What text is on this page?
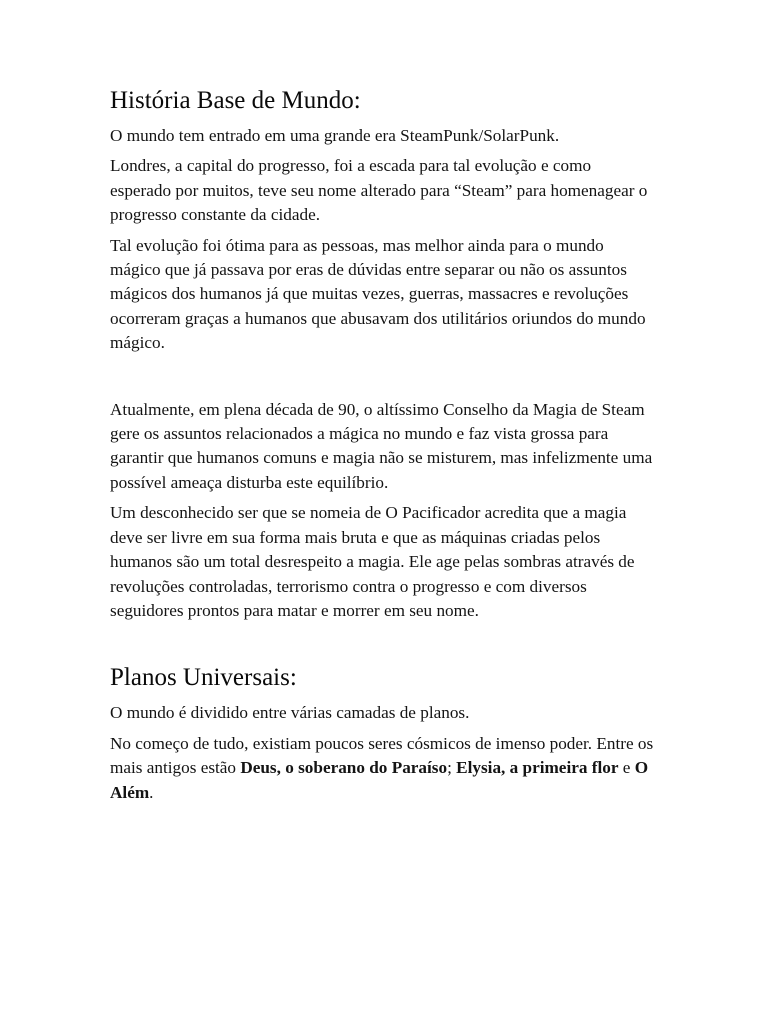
História Base de Mundo:

O mundo tem entrado em uma grande era SteamPunk/SolarPunk.

Londres, a capital do progresso, foi a escada para tal evolução e como esperado por muitos, teve seu nome alterado para “Steam” para homenagear o progresso constante da cidade.

Tal evolução foi ótima para as pessoas, mas melhor ainda para o mundo mágico que já passava por eras de dúvidas entre separar ou não os assuntos mágicos dos humanos já que muitas vezes, guerras, massacres e revoluções ocorreram graças a humanos que abusavam dos utilitários oriundos do mundo mágico.

Atualmente, em plena década de 90, o altíssimo Conselho da Magia de Steam gere os assuntos relacionados a mágica no mundo e faz vista grossa para garantir que humanos comuns e magia não se misturem, mas infelizmente uma possível ameaça disturba este equilíbrio.

Um desconhecido ser que se nomeia de O Pacificador acredita que a magia deve ser livre em sua forma mais bruta e que as máquinas criadas pelos humanos são um total desrespeito a magia. Ele age pelas sombras através de revoluções controladas, terrorismo contra o progresso e com diversos seguidores prontos para matar e morrer em seu nome.

Planos Universais:

O mundo é dividido entre várias camadas de planos.

No começo de tudo, existiam poucos seres cósmicos de imenso poder. Entre os mais antigos estão Deus, o soberano do Paraíso; Elysia, a primeira flor e O Além.
